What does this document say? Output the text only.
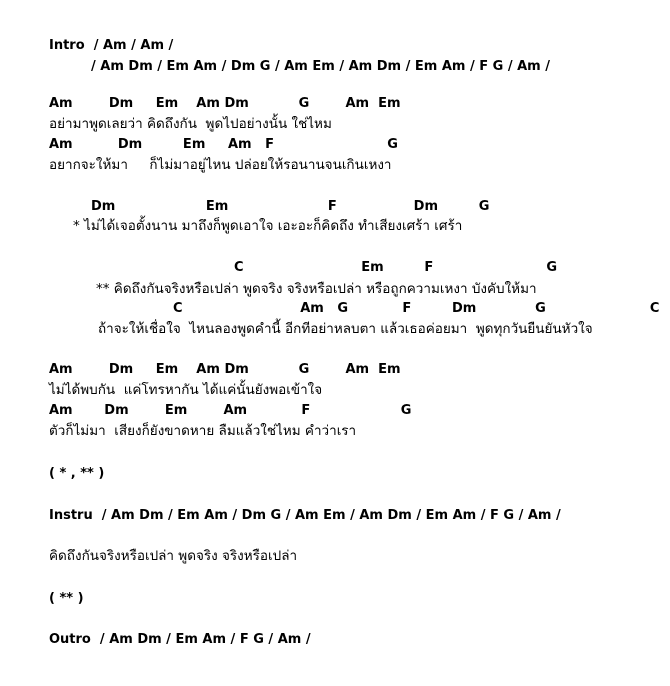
Intro  / Am / Am /
/ Am Dm / Em Am / Dm G / Am Em / Am Dm / Em Am / F G / Am /
Am        Dm     Em    Am Dm           G        Am  Em
อย่ามาพูดเลยว่า คิดถึงกัน  พูดไปอย่างนั้น ใช่ไหม
Am          Dm         Em     Am   F                         G
อยากจะให้มา     ก็ไม่มาอยู่ไหน ปล่อยให้รอนานจนเกินเหงา
Dm                    Em                      F                 Dm         G
* ไม่ได้เจอตั้งนาน มาถึงก็พูดเอาใจ เอะอะก็คิดถึง ทำเสียงเศร้า เศร้า
C                          Em         F                         G
** คิดถึงกันจริงหรือเปล่า พูดจริง จริงหรือเปล่า หรือถูกความเหงา บังคับให้มา
C                          Am   G            F         Dm             G                       C
ถ้าจะให้เชื่อใจ  ไหนลองพูดคำนี้ อีกทีอย่าหลบตา แล้วเธอค่อยมา  พูดทุกวันยืนยันหัวใจ
Am        Dm     Em    Am Dm           G        Am  Em
ไม่ได้พบกัน  แค่โทรหากัน ได้แค่นั้นยังพอเข้าใจ
Am       Dm        Em        Am            F                    G
ตัวก็ไม่มา  เสียงก็ยังขาดหาย ลืมแล้วใช่ไหม คำว่าเรา
( * , ** )
Instru  / Am Dm / Em Am / Dm G / Am Em / Am Dm / Em Am / F G / Am /
คิดถึงกันจริงหรือเปล่า พูดจริง จริงหรือเปล่า
( ** )
Outro  / Am Dm / Em Am / F G / Am /
